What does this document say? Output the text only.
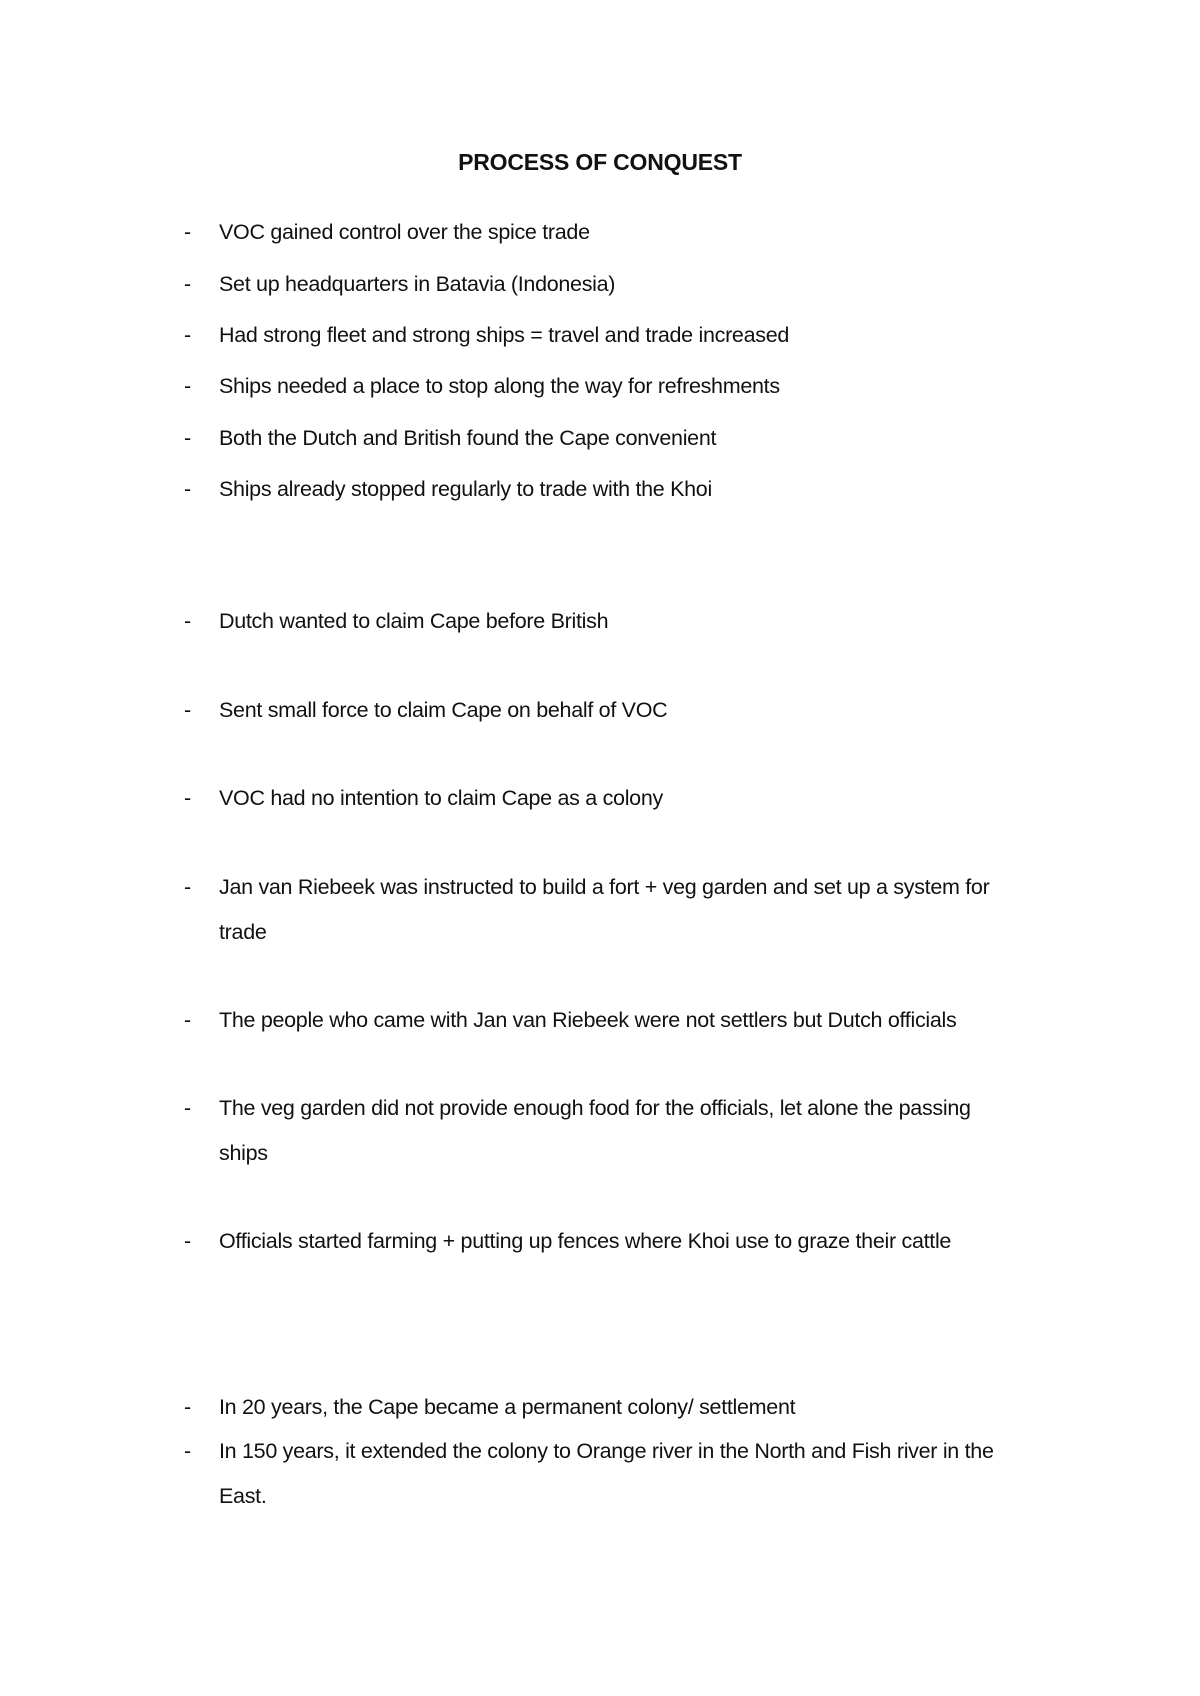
PROCESS OF CONQUEST
- VOC gained control over the spice trade
- Set up headquarters in Batavia (Indonesia)
- Had strong fleet and strong ships = travel and trade increased
- Ships needed a place to stop along the way for refreshments
- Both the Dutch and British found the Cape convenient
- Ships already stopped regularly to trade with the Khoi
- Dutch wanted to claim Cape before British
- Sent small force to claim Cape on behalf of VOC
- VOC had no intention to claim Cape as a colony
- Jan van Riebeek was instructed to build a fort + veg garden and set up a system for
trade
- The people who came with Jan van Riebeek were not settlers but Dutch officials
- The veg garden did not provide enough food for the officials, let alone the passing
ships
- Officials started farming + putting up fences where Khoi use to graze their cattle
- In 20 years, the Cape became a permanent colony/ settlement
- In 150 years, it extended the colony to Orange river in the North and Fish river in the
East.
